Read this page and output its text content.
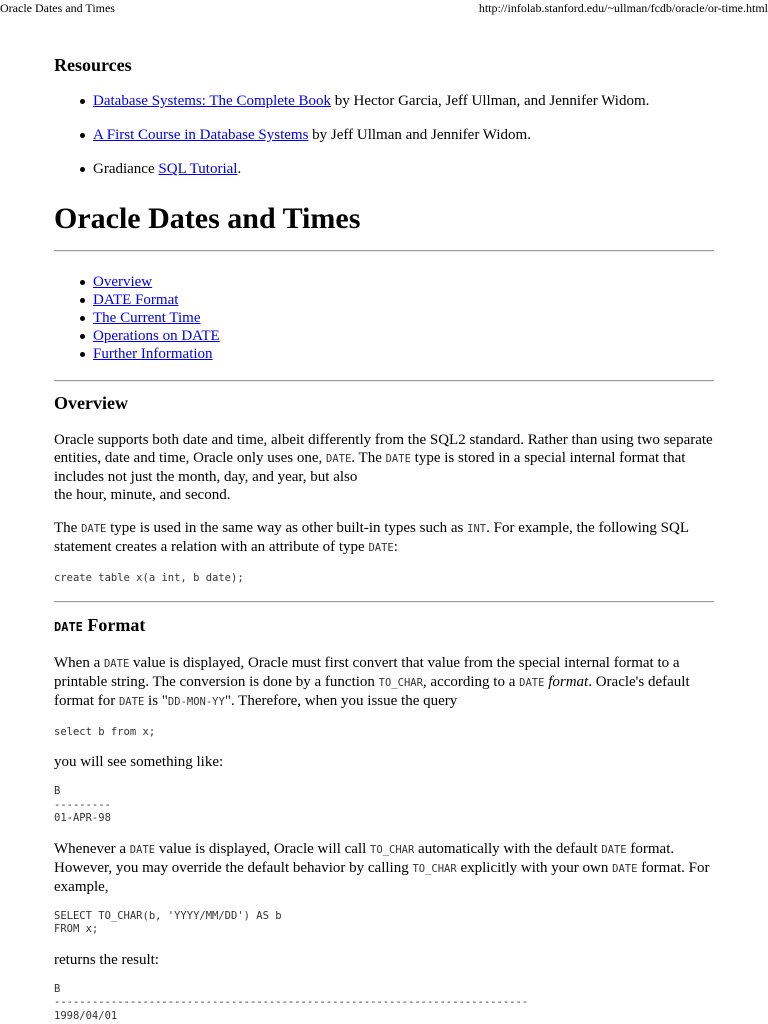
Oracle Dates and Times	http://infolab.stanford.edu/~ullman/fcdb/oracle/or-time.html
Resources
Database Systems: The Complete Book by Hector Garcia, Jeff Ullman, and Jennifer Widom.
A First Course in Database Systems by Jeff Ullman and Jennifer Widom.
Gradiance SQL Tutorial.
Oracle Dates and Times
Overview
DATE Format
The Current Time
Operations on DATE
Further Information
Overview

Oracle supports both date and time, albeit differently from the SQL2 standard. Rather than using two separate entities, date and time, Oracle only uses one, DATE. The DATE type is stored in a special internal format that includes not just the month, day, and year, but also
the hour, minute, and second.

The DATE type is used in the same way as other built-in types such as INT. For example, the following SQL statement creates a relation with an attribute of type DATE:

create table x(a int, b date);
DATE Format

When a DATE value is displayed, Oracle must first convert that value from the special internal format to a printable string. The conversion is done by a function TO_CHAR, according to a DATE format. Oracle's default format for DATE is "DD-MON-YY". Therefore, when you issue the query

select b from x;

you will see something like:

B
---------
01-APR-98

Whenever a DATE value is displayed, Oracle will call TO_CHAR automatically with the default DATE format. However, you may override the default behavior by calling TO_CHAR explicitly with your own DATE format. For example,

SELECT TO_CHAR(b, 'YYYY/MM/DD') AS b
FROM x;

returns the result:

B
---------------------------------------------------------------------------
1998/04/01
